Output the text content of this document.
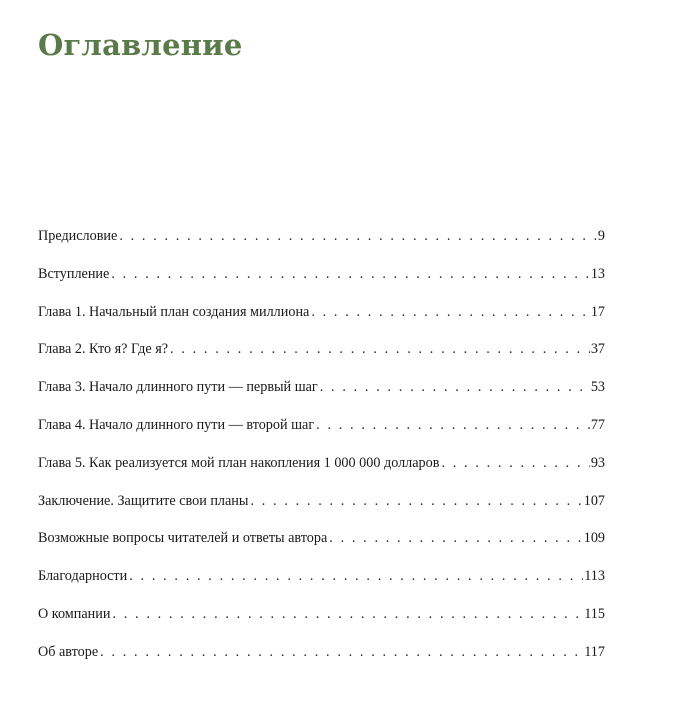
Оглавление
Предисловие . . .	9
Вступление . . .	13
Глава 1. Начальный план создания миллиона . . .	17
Глава 2. Кто я? Где я? . . .	37
Глава 3. Начало длинного пути — первый шаг . . .	53
Глава 4. Начало длинного пути — второй шаг . . .	77
Глава 5. Как реализуется мой план накопления 1 000 000 долларов . . .	93
Заключение. Защитите свои планы . . .	107
Возможные вопросы читателей и ответы автора . . .	109
Благодарности . . .	113
О компании . . .	115
Об авторе . . .	117
